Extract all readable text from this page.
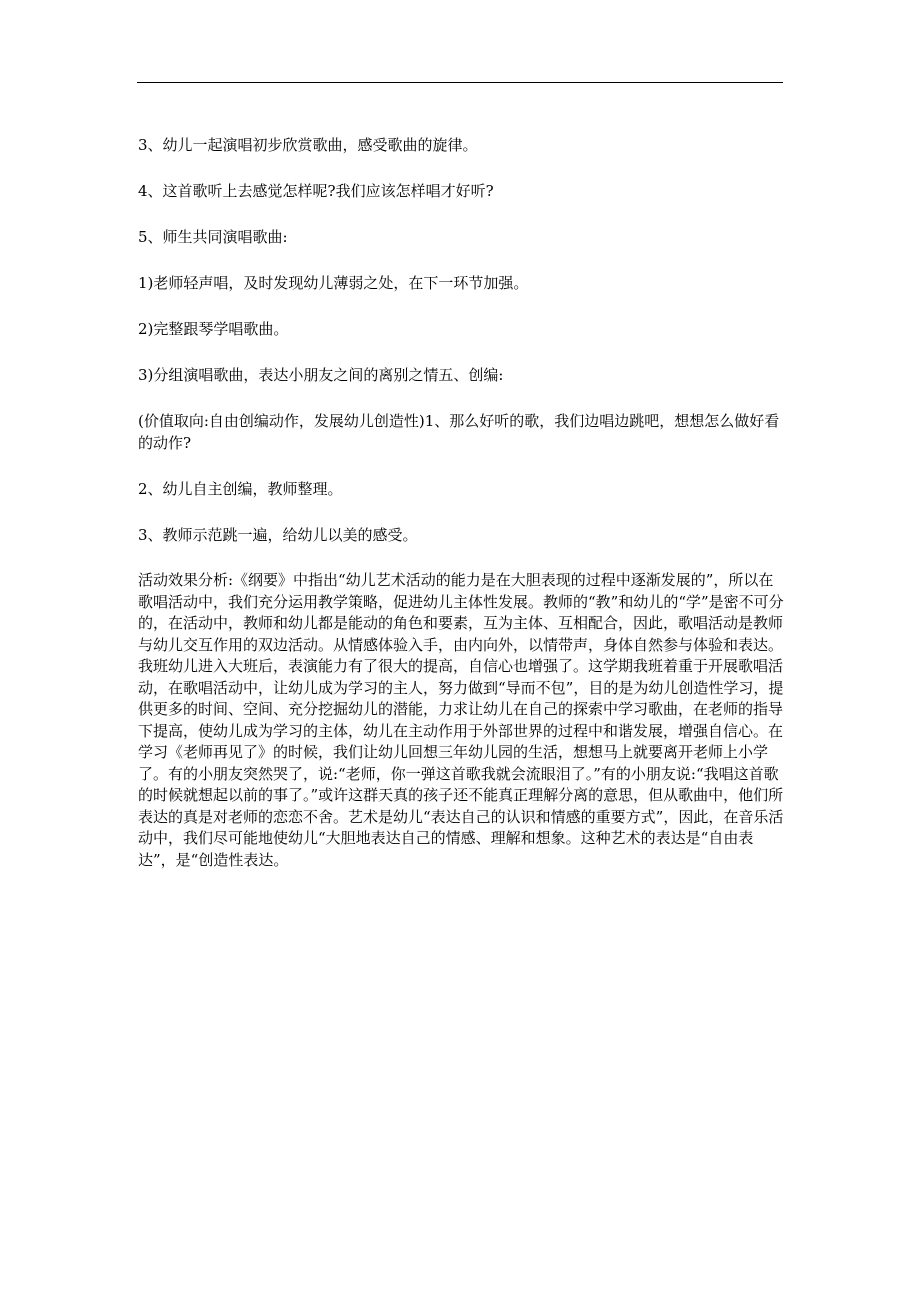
3、幼儿一起演唱初步欣赏歌曲，感受歌曲的旋律。

4、这首歌听上去感觉怎样呢?我们应该怎样唱才好听?

5、师生共同演唱歌曲:

1)老师轻声唱，及时发现幼儿薄弱之处，在下一环节加强。

2)完整跟琴学唱歌曲。

3)分组演唱歌曲，表达小朋友之间的离别之情五、创编:

(价值取向:自由创编动作，发展幼儿创造性)1、那么好听的歌，我们边唱边跳吧，想想怎么做好看的动作?

2、幼儿自主创编，教师整理。

3、教师示范跳一遍，给幼儿以美的感受。

活动效果分析:《纲要》中指出“幼儿艺术活动的能力是在大胆表现的过程中逐渐发展的”，所以在歌唱活动中，我们充分运用教学策略，促进幼儿主体性发展。教师的“教”和幼儿的“学”是密不可分的，在活动中，教师和幼儿都是能动的角色和要素，互为主体、互相配合，因此，歌唱活动是教师与幼儿交互作用的双边活动。从情感体验入手，由内向外，以情带声，身体自然参与体验和表达。我班幼儿进入大班后，表演能力有了很大的提高，自信心也增强了。这学期我班着重于开展歌唱活动，在歌唱活动中，让幼儿成为学习的主人，努力做到“导而不包”，目的是为幼儿创造性学习，提供更多的时间、空间、充分挖掘幼儿的潜能，力求让幼儿在自己的探索中学习歌曲，在老师的指导下提高，使幼儿成为学习的主体，幼儿在主动作用于外部世界的过程中和谐发展，增强自信心。在学习《老师再见了》的时候，我们让幼儿回想三年幼儿园的生活，想想马上就要离开老师上小学了。有的小朋友突然哭了，说:“老师，你一弹这首歌我就会流眼泪了。”有的小朋友说:“我唱这首歌的时候就想起以前的事了。”或许这群天真的孩子还不能真正理解分离的意思，但从歌曲中，他们所表达的真是对老师的恋恋不舍。艺术是幼儿“表达自己的认识和情感的重要方式”，因此，在音乐活动中，我们尽可能地使幼儿“大胆地表达自己的情感、理解和想象。这种艺术的表达是“自由表达”，是“创造性表达。
